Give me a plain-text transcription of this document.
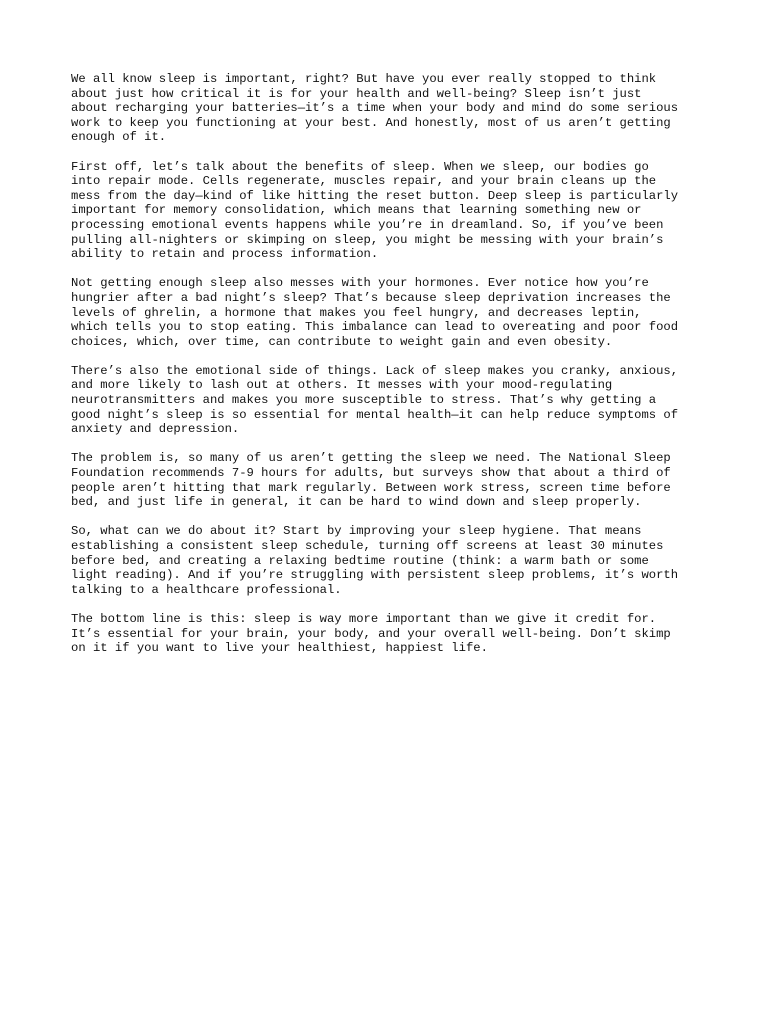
We all know sleep is important, right? But have you ever really stopped to think
about just how critical it is for your health and well-being? Sleep isn’t just
about recharging your batteries—it’s a time when your body and mind do some serious
work to keep you functioning at your best. And honestly, most of us aren’t getting
enough of it.
First off, let’s talk about the benefits of sleep. When we sleep, our bodies go
into repair mode. Cells regenerate, muscles repair, and your brain cleans up the
mess from the day—kind of like hitting the reset button. Deep sleep is particularly
important for memory consolidation, which means that learning something new or
processing emotional events happens while you’re in dreamland. So, if you’ve been
pulling all-nighters or skimping on sleep, you might be messing with your brain’s
ability to retain and process information.
Not getting enough sleep also messes with your hormones. Ever notice how you’re
hungrier after a bad night’s sleep? That’s because sleep deprivation increases the
levels of ghrelin, a hormone that makes you feel hungry, and decreases leptin,
which tells you to stop eating. This imbalance can lead to overeating and poor food
choices, which, over time, can contribute to weight gain and even obesity.
There’s also the emotional side of things. Lack of sleep makes you cranky, anxious,
and more likely to lash out at others. It messes with your mood-regulating
neurotransmitters and makes you more susceptible to stress. That’s why getting a
good night’s sleep is so essential for mental health—it can help reduce symptoms of
anxiety and depression.
The problem is, so many of us aren’t getting the sleep we need. The National Sleep
Foundation recommends 7-9 hours for adults, but surveys show that about a third of
people aren’t hitting that mark regularly. Between work stress, screen time before
bed, and just life in general, it can be hard to wind down and sleep properly.
So, what can we do about it? Start by improving your sleep hygiene. That means
establishing a consistent sleep schedule, turning off screens at least 30 minutes
before bed, and creating a relaxing bedtime routine (think: a warm bath or some
light reading). And if you’re struggling with persistent sleep problems, it’s worth
talking to a healthcare professional.
The bottom line is this: sleep is way more important than we give it credit for.
It’s essential for your brain, your body, and your overall well-being. Don’t skimp
on it if you want to live your healthiest, happiest life.
